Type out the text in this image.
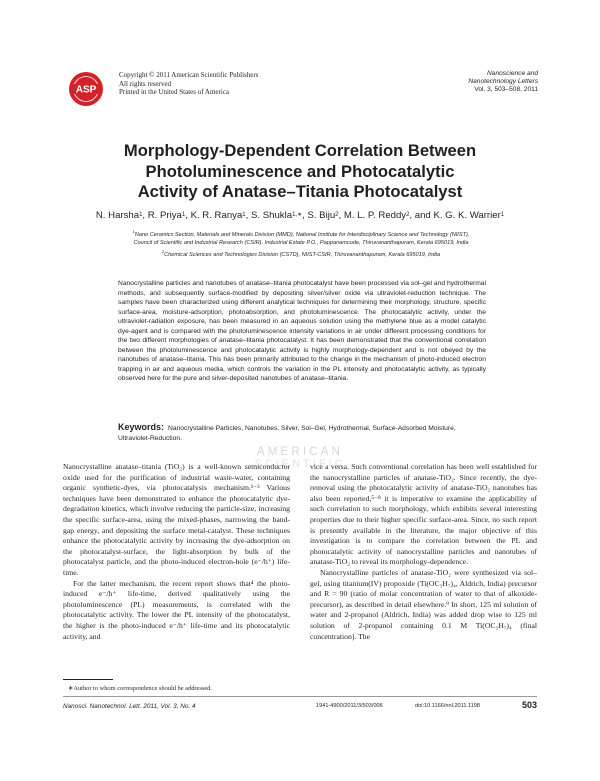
ASP
Copyright © 2011 American Scientific Publishers
All rights reserved
Printed in the United States of America
Nanoscience and
Nanotechnology Letters
Vol. 3, 503–508, 2011
Morphology-Dependent Correlation Between
Photoluminescence and Photocatalytic
Activity of Anatase–Titania Photocatalyst
N. Harsha$^1$, R. Priya$^1$, K. R. Ranya$^1$, S. Shukla$^{1,∗}$, S. Biju$^2$, M. L. P. Reddy$^2$, and K. G. K. Warrier$^1$
$^1$Nano Ceramics Section, Materials and Minerals Division (MMD), National Institute for Interdisciplinary Science and Technology (NIIST),
Council of Scientific and Industrial Research (CSIR), Industrial Estate P.O., Pappanamcode, Thiruvananthapuram, Kerala 695019, India
$^2$Chemical Sciences and Technologies Division (CSTD), NIIST-CSIR, Thiruvananthapuram, Kerala 695019, India
Nanocrystalline particles and nanotubes of anatase–titania photocatalyst have been processed via sol–gel and hydrothermal methods, and subsequently surface-modified by depositing silver/silver oxide via ultraviolet-reduction technique. The samples have been characterized using different analytical techniques for determining their morphology, structure, specific surface-area, moisture-adsorption, photoabsorption, and photoluminescence. The photocatalytic activity, under the ultraviolet-radiation exposure, has been measured in an aqueous solution using the methylene blue as a model catalytic dye-agent and is compared with the photoluminescence intensity variations in air under different processing conditions for the two different morphologies of anatase–titania photocatalyst. It has been demonstrated that the conventional correlation between the photoluminescence and photocatalytic activity is highly morphology-dependent and is not obeyed by the nanotubes of anatase–titania. This has been primarily attributed to the change in the mechanism of photo-induced electron trapping in air and aqueous media, which controls the variation in the PL intensity and photocatalytic activity, as typically observed here for the pure and silver-deposited nanotubes of anatase–titania.
Keywords: Nanocrystalline Particles, Nanotubes, Silver, Sol–Gel, Hydrothermal, Surface-Adsorbed Moisture, Ultraviolet-Reduction.
AMERICAN
SCIENTIFIC

Nanocrystalline anatase–titania (TiO₂) is a well-known semiconductor oxide used for the purification of industrial waste-water, containing organic synthetic-dyes, via photocatalysis mechanism.¹⁻³ Various techniques have been demonstrated to enhance the photocatalytic dye-degradation kinetics, which involve reducing the particle-size, increasing the specific surface-area, using the mixed-phases, narrowing the band-gap energy, and depositing the surface metal-catalyst. These techniques enhance the photocatalytic activity by increasing the dye-adsorption on the photocatalyst-surface, the light-absorption by bulk of the photocatalyst particle, and the photo-induced electron-hole (e⁻/h⁺) life-time.

For the latter mechanism, the recent report shows that⁴ the photo-induced e⁻/h⁺ life-time, derived qualitatively using the photoluminescence (PL) measurements, is correlated with the photocatalytic activity. The lower the PL intensity of the photocatalyst, the higher is the photo-induced e⁻/h⁺ life-time and its photocatalytic activity, and

vice a versa. Such conventional correlation has been well established for the nanocrystalline particles of anatase-TiO₂. Since recently, the dye-removal using the photocatalytic activity of anatase-TiO₂ nanotubes has also been reported,⁵⁻⁸ it is imperative to examine the applicability of such correlation to such morphology, which exhibits several interesting properties due to their higher specific surface-area. Since, no such report is presently available in the literature, the major objective of this investigation is to compare the correlation between the PL and photocatalytic activity of nanocrystalline particles and nanotubes of anatase-TiO₂ to reveal its morphology-dependence.

Nanocrystalline particles of anatase-TiO₂ were synthesized via sol–gel, using titanium(IV) propoxide (Ti(OC₃H₇)₄, Aldrich, India) precursor and R = 90 (ratio of molar concentration of water to that of alkoxide-precursor), as described in detail elsewhere.⁹ In short, 125 ml solution of water and 2-propanol (Aldrich, India) was added drop wise to 125 ml solution of 2-propanol containing 0.1 M Ti(OC₃H₇)₄ (final concentration). The

∗Author to whom correspondence should be addressed.
Nanosci. Nanotechnol. Lett. 2011, Vol. 3, No. 4	1941-4900/2011/3/503/006	doi:10.1166/nnl.2011.1198	503
